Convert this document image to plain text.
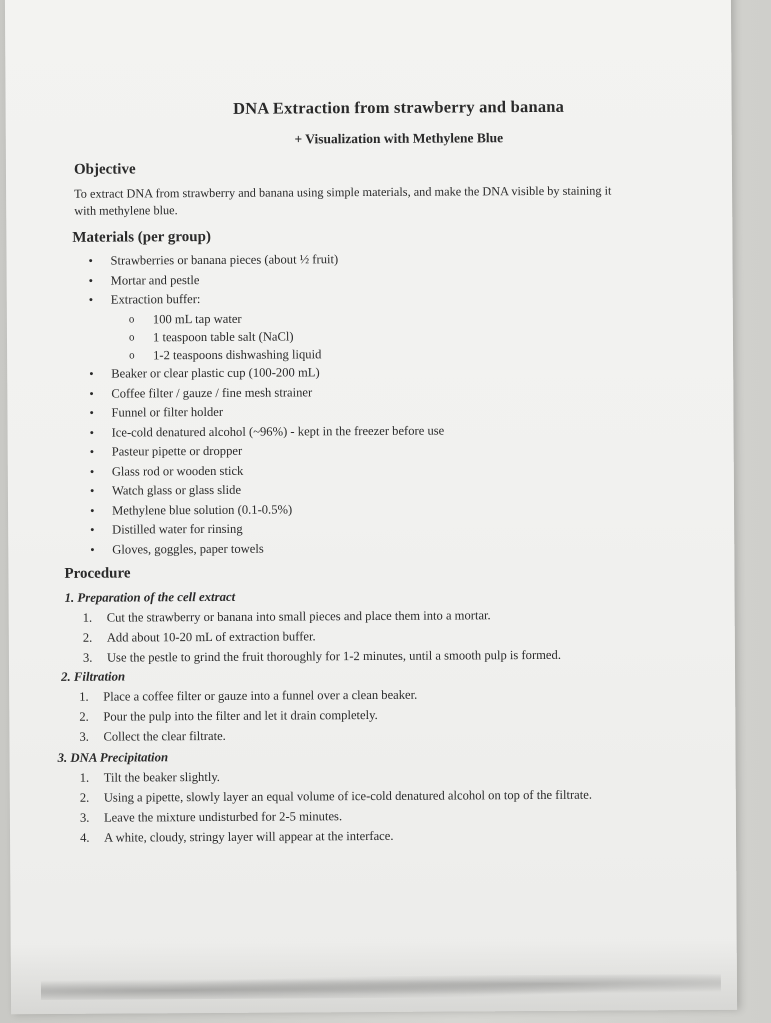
DNA Extraction from strawberry and banana
+ Visualization with Methylene Blue
Objective
To extract DNA from strawberry and banana using simple materials, and make the DNA visible by staining it with methylene blue.
Materials (per group)
• Strawberries or banana pieces (about ½ fruit)
• Mortar and pestle
• Extraction buffer:
o 100 mL tap water
o 1 teaspoon table salt (NaCl)
o 1-2 teaspoons dishwashing liquid
• Beaker or clear plastic cup (100-200 mL)
• Coffee filter / gauze / fine mesh strainer
• Funnel or filter holder
• Ice-cold denatured alcohol (~96%) - kept in the freezer before use
• Pasteur pipette or dropper
• Glass rod or wooden stick
• Watch glass or glass slide
• Methylene blue solution (0.1-0.5%)
• Distilled water for rinsing
• Gloves, goggles, paper towels
Procedure
1. Preparation of the cell extract
1. Cut the strawberry or banana into small pieces and place them into a mortar.
2. Add about 10-20 mL of extraction buffer.
3. Use the pestle to grind the fruit thoroughly for 1-2 minutes, until a smooth pulp is formed.
2. Filtration
1. Place a coffee filter or gauze into a funnel over a clean beaker.
2. Pour the pulp into the filter and let it drain completely.
3. Collect the clear filtrate.
3. DNA Precipitation
1. Tilt the beaker slightly.
2. Using a pipette, slowly layer an equal volume of ice-cold denatured alcohol on top of the filtrate.
3. Leave the mixture undisturbed for 2-5 minutes.
4. A white, cloudy, stringy layer will appear at the interface.
